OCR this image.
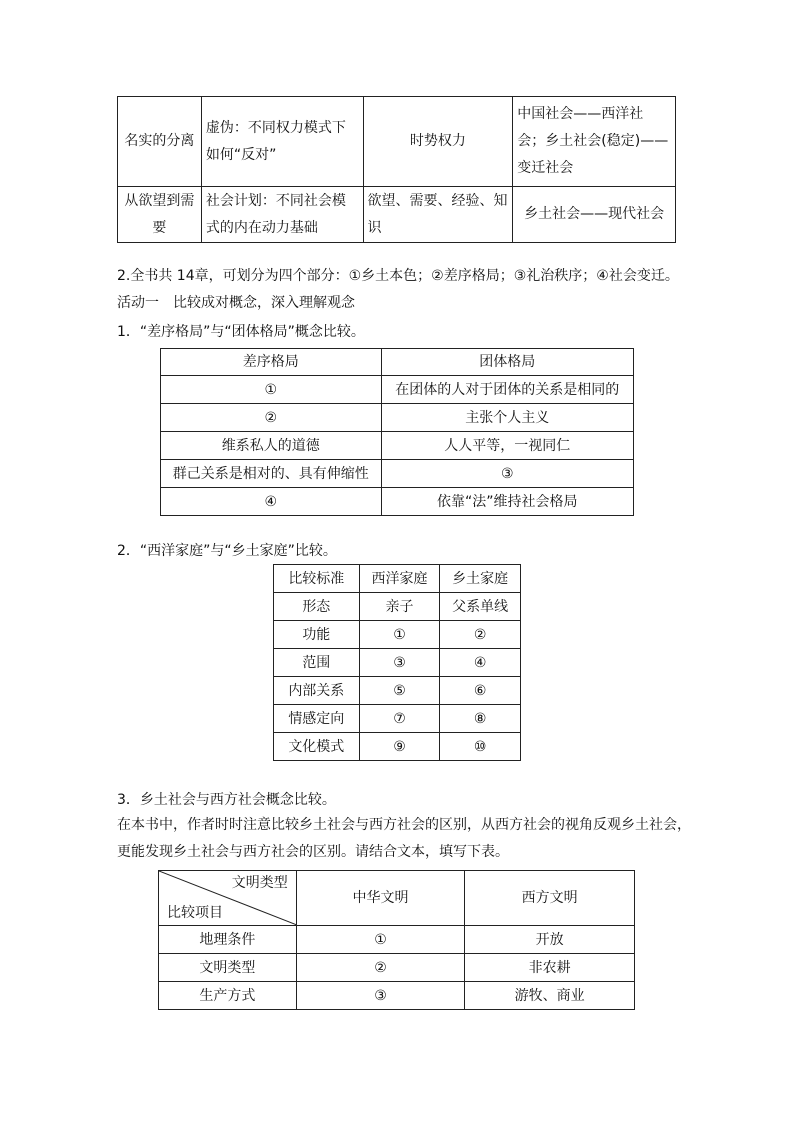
名实的分离	虚伪：不同权力模式下如何“反对”	时势权力	中国社会——西洋社会；乡土社会(稳定)——变迁社会
从欲望到需要	社会计划：不同社会模式的内在动力基础	欲望、需要、经验、知识	乡土社会——现代社会
2.全书共 14章，可划分为四个部分：①乡土本色；②差序格局；③礼治秩序；④社会变迁。
活动一　比较成对概念，深入理解观念
1．“差序格局”与“团体格局”概念比较。
差序格局	团体格局
①	在团体的人对于团体的关系是相同的
②	主张个人主义
维系私人的道德	人人平等，一视同仁
群己关系是相对的、具有伸缩性	③
④	依靠“法”维持社会格局
2．“西洋家庭”与“乡土家庭”比较。
比较标准	西洋家庭	乡土家庭
形态	亲子	父系单线
功能	①	②
范围	③	④
内部关系	⑤	⑥
情感定向	⑦	⑧
文化模式	⑨	⑩
3．乡土社会与西方社会概念比较。
在本书中，作者时时注意比较乡土社会与西方社会的区别，从西方社会的视角反观乡土社会，
更能发现乡土社会与西方社会的区别。请结合文本，填写下表。
文明类型
比较项目	中华文明	西方文明
地理条件	①	开放
文明类型	②	非农耕
生产方式	③	游牧、商业
